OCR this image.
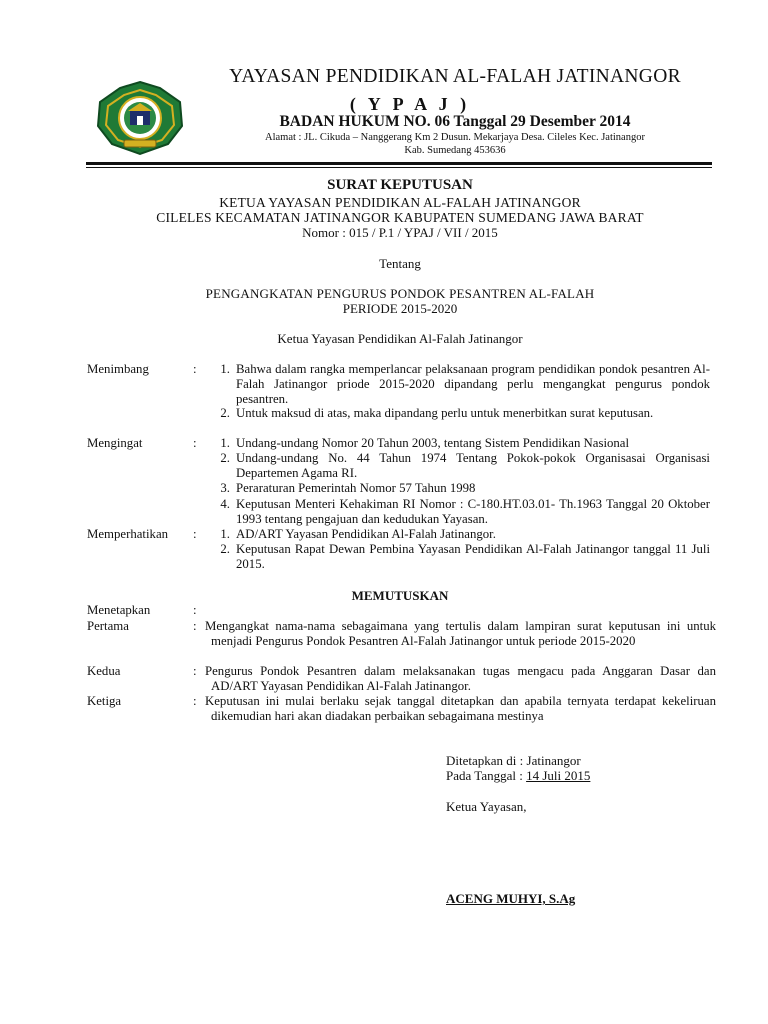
YAYASAN PENDIDIKAN AL-FALAH JATINANGOR
( Y P A J )
BADAN HUKUM NO. 06 Tanggal 29 Desember 2014
Alamat : JL. Cikuda – Nanggerang Km 2 Dusun. Mekarjaya Desa. Cileles Kec. Jatinangor
Kab. Sumedang 453636
SURAT KEPUTUSAN
KETUA YAYASAN PENDIDIKAN AL-FALAH JATINANGOR
CILELES KECAMATAN JATINANGOR KABUPATEN SUMEDANG JAWA BARAT
Nomor : 015 / P.1 / YPAJ / VII / 2015
Tentang
PENGANGKATAN PENGURUS PONDOK PESANTREN AL-FALAH
PERIODE 2015-2020
Ketua Yayasan Pendidikan Al-Falah Jatinangor
Menimbang	:	1. Bahwa dalam rangka memperlancar pelaksanaan program pendidikan pondok pesantren Al-Falah Jatinangor priode 2015-2020 dipandang perlu mengangkat pengurus pondok pesantren.
2. Untuk maksud di atas, maka dipandang perlu untuk menerbitkan surat keputusan.
Mengingat	:	1. Undang-undang Nomor 20 Tahun 2003, tentang Sistem Pendidikan Nasional
2. Undang-undang No. 44 Tahun 1974 Tentang Pokok-pokok Organisasai Organisasi Departemen Agama RI.
3. Peraraturan Pemerintah Nomor 57 Tahun 1998
4. Keputusan Menteri Kehakiman RI Nomor : C-180.HT.03.01- Th.1963 Tanggal 20 Oktober 1993 tentang pengajuan dan kedudukan Yayasan.
Memperhatikan :	1. AD/ART Yayasan Pendidikan Al-Falah Jatinangor.
2. Keputusan Rapat Dewan Pembina Yayasan Pendidikan Al-Falah Jatinangor tanggal 11 Juli 2015.
MEMUTUSKAN
Menetapkan	:
Pertama	: Mengangkat nama-nama sebagaimana yang tertulis dalam lampiran surat keputusan ini untuk menjadi Pengurus Pondok Pesantren Al-Falah Jatinangor untuk periode 2015-2020
Kedua	: Pengurus Pondok Pesantren dalam melaksanakan tugas mengacu pada Anggaran Dasar dan AD/ART Yayasan Pendidikan Al-Falah Jatinangor.
Ketiga	: Keputusan ini mulai berlaku sejak tanggal ditetapkan dan apabila ternyata terdapat kekeliruan dikemudian hari akan diadakan perbaikan sebagaimana mestinya
Ditetapkan di : Jatinangor
Pada Tanggal : 14 Juli 2015
Ketua Yayasan,
ACENG MUHYI, S.Ag
